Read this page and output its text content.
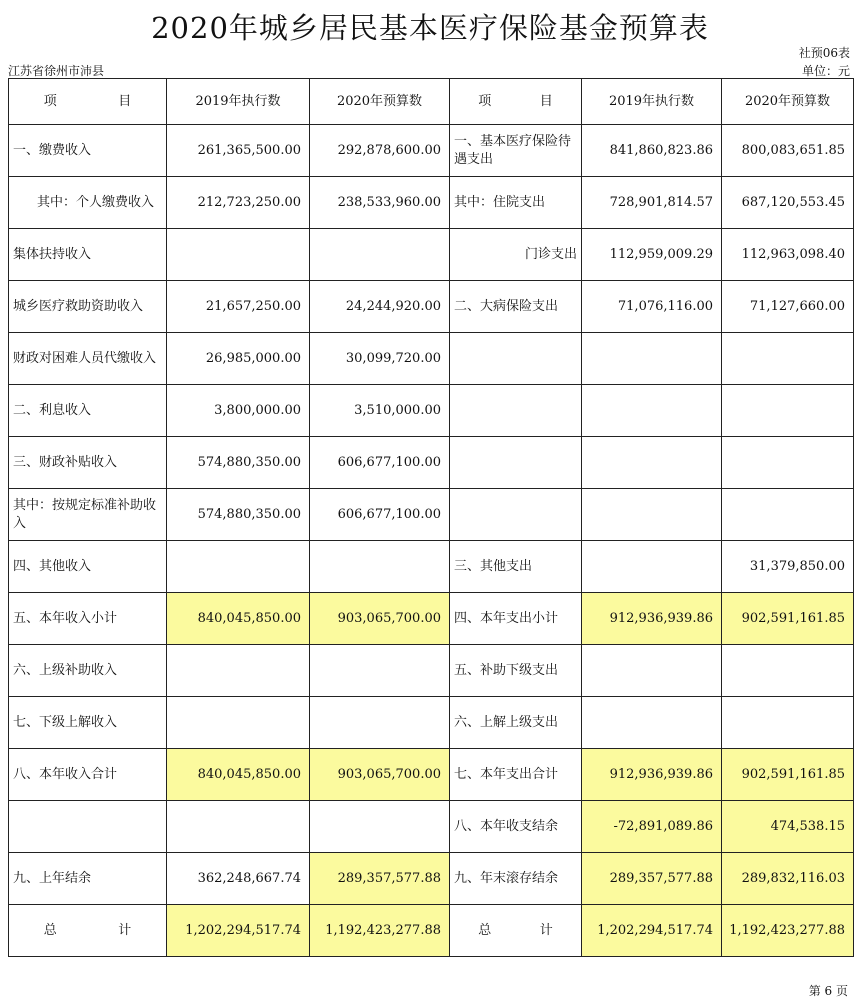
2020年城乡居民基本医疗保险基金预算表
社预06表
江苏省徐州市沛县	单位：元
项 目	2019年执行数	2020年预算数	项 目	2019年执行数	2020年预算数
一、缴费收入	261,365,500.00	292,878,600.00	一、基本医疗保险待遇支出	841,860,823.86	800,083,651.85
其中：个人缴费收入	212,723,250.00	238,533,960.00	其中：住院支出	728,901,814.57	687,120,553.45
集体扶持收入			门诊支出	112,959,009.29	112,963,098.40
城乡医疗救助资助收入	21,657,250.00	24,244,920.00	二、大病保险支出	71,076,116.00	71,127,660.00
财政对困难人员代缴收入	26,985,000.00	30,099,720.00			
二、利息收入	3,800,000.00	3,510,000.00			
三、财政补贴收入	574,880,350.00	606,677,100.00			
其中：按规定标准补助收入	574,880,350.00	606,677,100.00			
四、其他收入			三、其他支出		31,379,850.00
五、本年收入小计	840,045,850.00	903,065,700.00	四、本年支出小计	912,936,939.86	902,591,161.85
六、上级补助收入			五、补助下级支出		
七、下级上解收入			六、上解上级支出		
八、本年收入合计	840,045,850.00	903,065,700.00	七、本年支出合计	912,936,939.86	902,591,161.85
			八、本年收支结余	-72,891,089.86	474,538.15
九、上年结余	362,248,667.74	289,357,577.88	九、年末滚存结余	289,357,577.88	289,832,116.03

总 计	1,202,294,517.74	1,192,423,277.88	总 计	1,202,294,517.74	1,192,423,277.88
第 6 页
